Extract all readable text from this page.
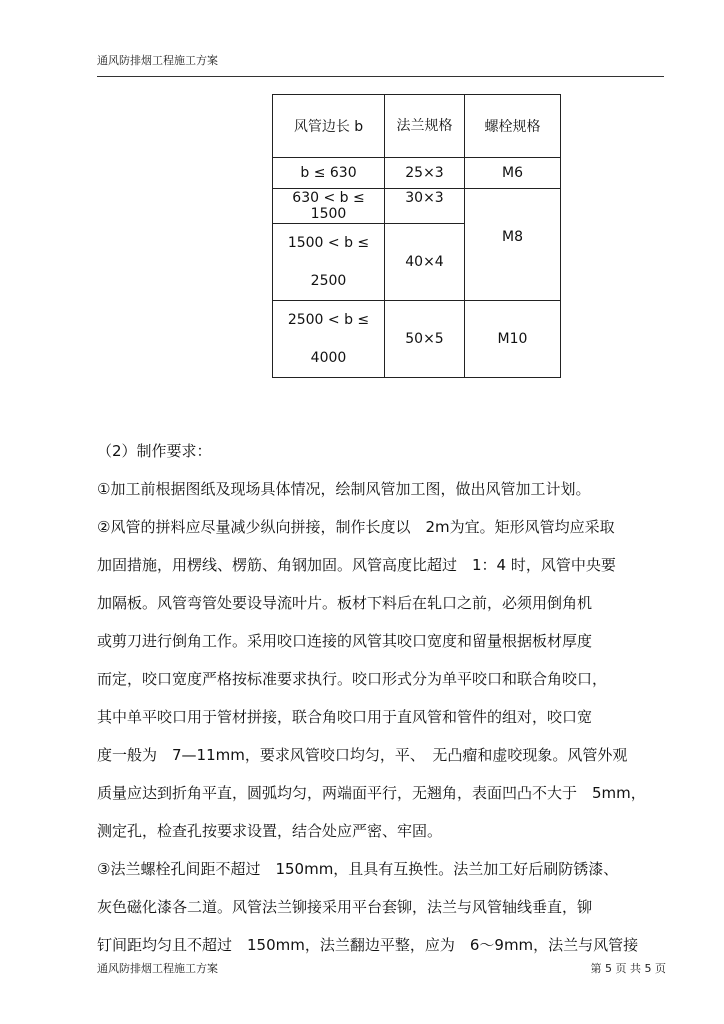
通风防排烟工程施工方案
风管边长 b	法兰规格	螺栓规格
b ≤ 630	25×3	M6
630 < b ≤ 1500	30×3	M8
1500 < b ≤ 2500	40×4	
2500 < b ≤ 4000	50×5	M10

（2）制作要求：

①加工前根据图纸及现场具体情况，绘制风管加工图，做出风管加工计划。

②风管的拼料应尽量减少纵向拼接，制作长度以　2m为宜。矩形风管均应采取

加固措施，用楞线、楞筋、角钢加固。风管高度比超过　1：4 时，风管中央要

加隔板。风管弯管处要设导流叶片。板材下料后在轧口之前，必须用倒角机

或剪刀进行倒角工作。采用咬口连接的风管其咬口宽度和留量根据板材厚度

而定，咬口宽度严格按标准要求执行。咬口形式分为单平咬口和联合角咬口，

其中单平咬口用于管材拼接，联合角咬口用于直风管和管件的组对，咬口宽

度一般为　7—11mm，要求风管咬口均匀，平、　无凸瘤和虚咬现象。风管外观

质量应达到折角平直，圆弧均匀，两端面平行，无翘角，表面凹凸不大于　5mm，

测定孔，检查孔按要求设置，结合处应严密、牢固。

③法兰螺栓孔间距不超过　150mm，且具有互换性。法兰加工好后刷防锈漆、

灰色磁化漆各二道。风管法兰铆接采用平台套铆，法兰与风管轴线垂直，铆

钉间距均匀且不超过　150mm，法兰翻边平整，应为　6～9mm，法兰与风管接

通风防排烟工程施工方案	第 5 页 共 5 页
